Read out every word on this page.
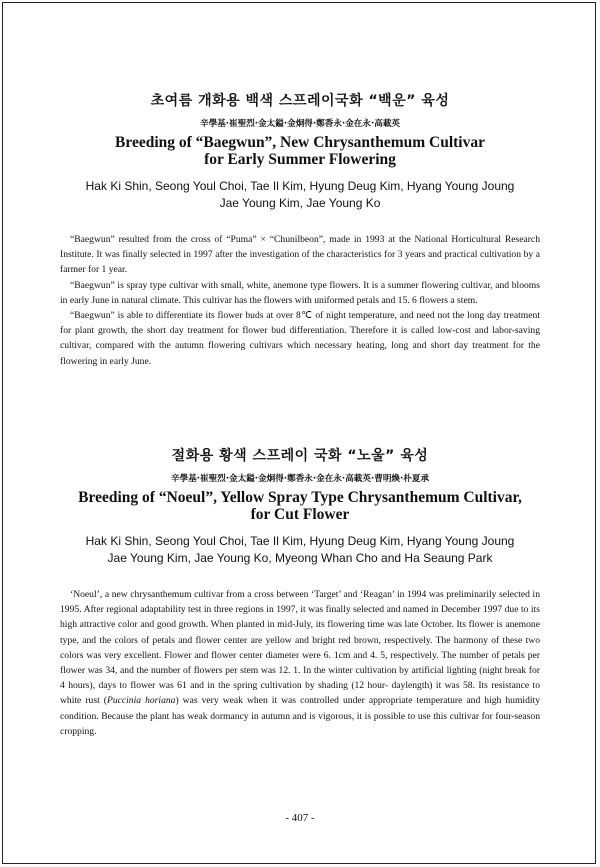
초여름 개화용 백색 스프레이국화 “백운” 육성
辛學基·崔聖烈·金太鎰·金炯得·鄭香永·金在永·高載英
Breeding of “Baegwun”, New Chrysanthemum Cultivar
for Early Summer Flowering
Hak Ki Shin, Seong Youl Choi, Tae Il Kim, Hyung Deug Kim, Hyang Young Joung
Jae Young Kim, Jae Young Ko

“Baegwun” resulted from the cross of “Puma” × “Chunilbeon”, made in 1993 at the National Horticultural Research Institute. It was finally selected in 1997 after the investigation of the characteristics for 3 years and practical cultivation by a farmer for 1 year.

“Baegwun” is spray type cultivar with small, white, anemone type flowers. It is a summer flowering cultivar, and blooms in early June in natural climate. This cultivar has the flowers with uniformed petals and 15. 6 flowers a stem.

“Baegwun” is able to differentiate its flower buds at over 8℃ of night temperature, and need not the long day treatment for plant growth, the short day treatment for flower bud differentiation. Therefore it is called low-cost and labor-saving cultivar, compared with the autumn flowering cultivars which necessary heating, long and short day treatment for the flowering in early June.

절화용 황색 스프레이 국화 “노울” 육성
辛學基·崔聖烈·金太鎰·金炯得·鄭香永·金在永·高載英·曹明煥·朴夏承
Breeding of “Noeul”, Yellow Spray Type Chrysanthemum Cultivar,
for Cut Flower
Hak Ki Shin, Seong Youl Choi, Tae Il Kim, Hyung Deug Kim, Hyang Young Joung
Jae Young Kim, Jae Young Ko, Myeong Whan Cho and Ha Seaung Park

‘Noeul’, a new chrysanthemum cultivar from a cross between ‘Target’ and ‘Reagan’ in 1994 was preliminarily selected in 1995. After regional adaptability test in three regions in 1997, it was finally selected and named in December 1997 due to its high attractive color and good growth. When planted in mid-July, its flowering time was late October. Its flower is anemone type, and the colors of petals and flower center are yellow and bright red brown, respectively. The harmony of these two colors was very excellent. Flower and flower center diameter were 6. 1cm and 4. 5, respectively. The number of petals per flower was 34, and the number of flowers per stem was 12. 1. In the winter cultivation by artificial lighting (night break for 4 hours), days to flower was 61 and in the spring cultivation by shading (12 hour- daylength) it was 58. Its resistance to white rust (Puccinia horiana) was very weak when it was controlled under appropriate temperature and high humidity condition. Because the plant has weak dormancy in autumn and is vigorous, it is possible to use this cultivar for four-season cropping.

- 407 -
